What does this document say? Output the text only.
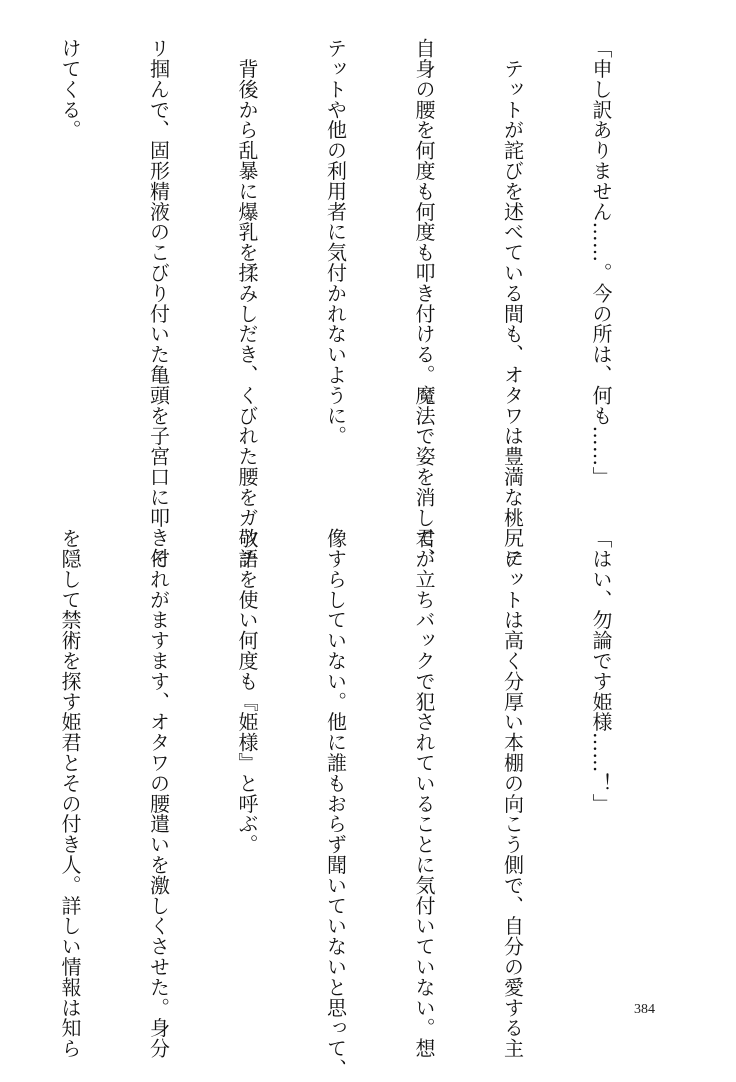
「申し訳ありません……。今の所は、何も……」

　テットが詫びを述べている間も、オタワは豊満な桃尻に

自身の腰を何度も何度も叩き付ける。魔法で姿を消して、

テットや他の利用者に気付かれないように。

　背後から乱暴に爆乳を揉みしだき、くびれた腰をガッチ

リ掴んで、固形精液のこびり付いた亀頭を子宮口に叩き付

けてくる。

「はい、勿論です姫様……！」

　テットは高く分厚い本棚の向こう側で、自分の愛する主

君が立ちバックで犯されていることに気付いていない。想

像すらしていない。他に誰もおらず聞いていないと思って、

敬語を使い何度も『姫様』と呼ぶ。

　それがますます、オタワの腰遣いを激しくさせた。身分

を隠して禁術を探す姫君とその付き人。詳しい情報は知ら

	384
